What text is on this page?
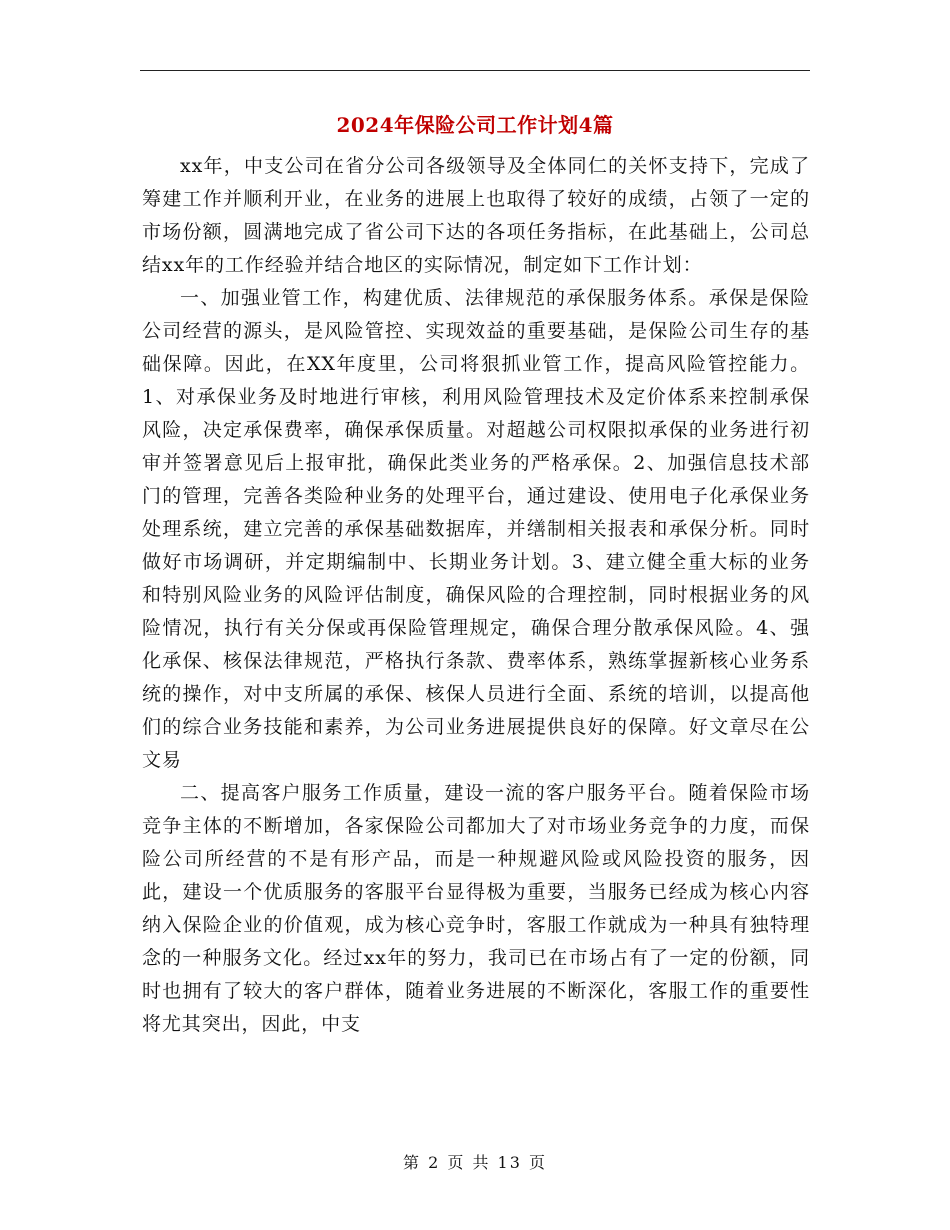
2024年保险公司工作计划4篇

xx年，中支公司在省分公司各级领导及全体同仁的关怀支持下，完成了筹建工作并顺利开业，在业务的进展上也取得了较好的成绩，占领了一定的市场份额，圆满地完成了省公司下达的各项任务指标，在此基础上，公司总结xx年的工作经验并结合地区的实际情况，制定如下工作计划：

一、加强业管工作，构建优质、法律规范的承保服务体系。承保是保险公司经营的源头，是风险管控、实现效益的重要基础，是保险公司生存的基础保障。因此，在XX年度里，公司将狠抓业管工作，提高风险管控能力。1、对承保业务及时地进行审核，利用风险管理技术及定价体系来控制承保风险，决定承保费率，确保承保质量。对超越公司权限拟承保的业务进行初审并签署意见后上报审批，确保此类业务的严格承保。2、加强信息技术部门的管理，完善各类险种业务的处理平台，通过建设、使用电子化承保业务处理系统，建立完善的承保基础数据库，并缮制相关报表和承保分析。同时做好市场调研，并定期编制中、长期业务计划。3、建立健全重大标的业务和特别风险业务的风险评估制度，确保风险的合理控制，同时根据业务的风险情况，执行有关分保或再保险管理规定，确保合理分散承保风险。4、强化承保、核保法律规范，严格执行条款、费率体系，熟练掌握新核心业务系统的操作，对中支所属的承保、核保人员进行全面、系统的培训，以提高他们的综合业务技能和素养，为公司业务进展提供良好的保障。好文章尽在公文易

二、提高客户服务工作质量，建设一流的客户服务平台。随着保险市场竞争主体的不断增加，各家保险公司都加大了对市场业务竞争的力度，而保险公司所经营的不是有形产品，而是一种规避风险或风险投资的服务，因此，建设一个优质服务的客服平台显得极为重要，当服务已经成为核心内容纳入保险企业的价值观，成为核心竞争时，客服工作就成为一种具有独特理念的一种服务文化。经过xx年的努力，我司已在市场占有了一定的份额，同时也拥有了较大的客户群体，随着业务进展的不断深化，客服工作的重要性将尤其突出，因此，中支

第 2 页 共 13 页
